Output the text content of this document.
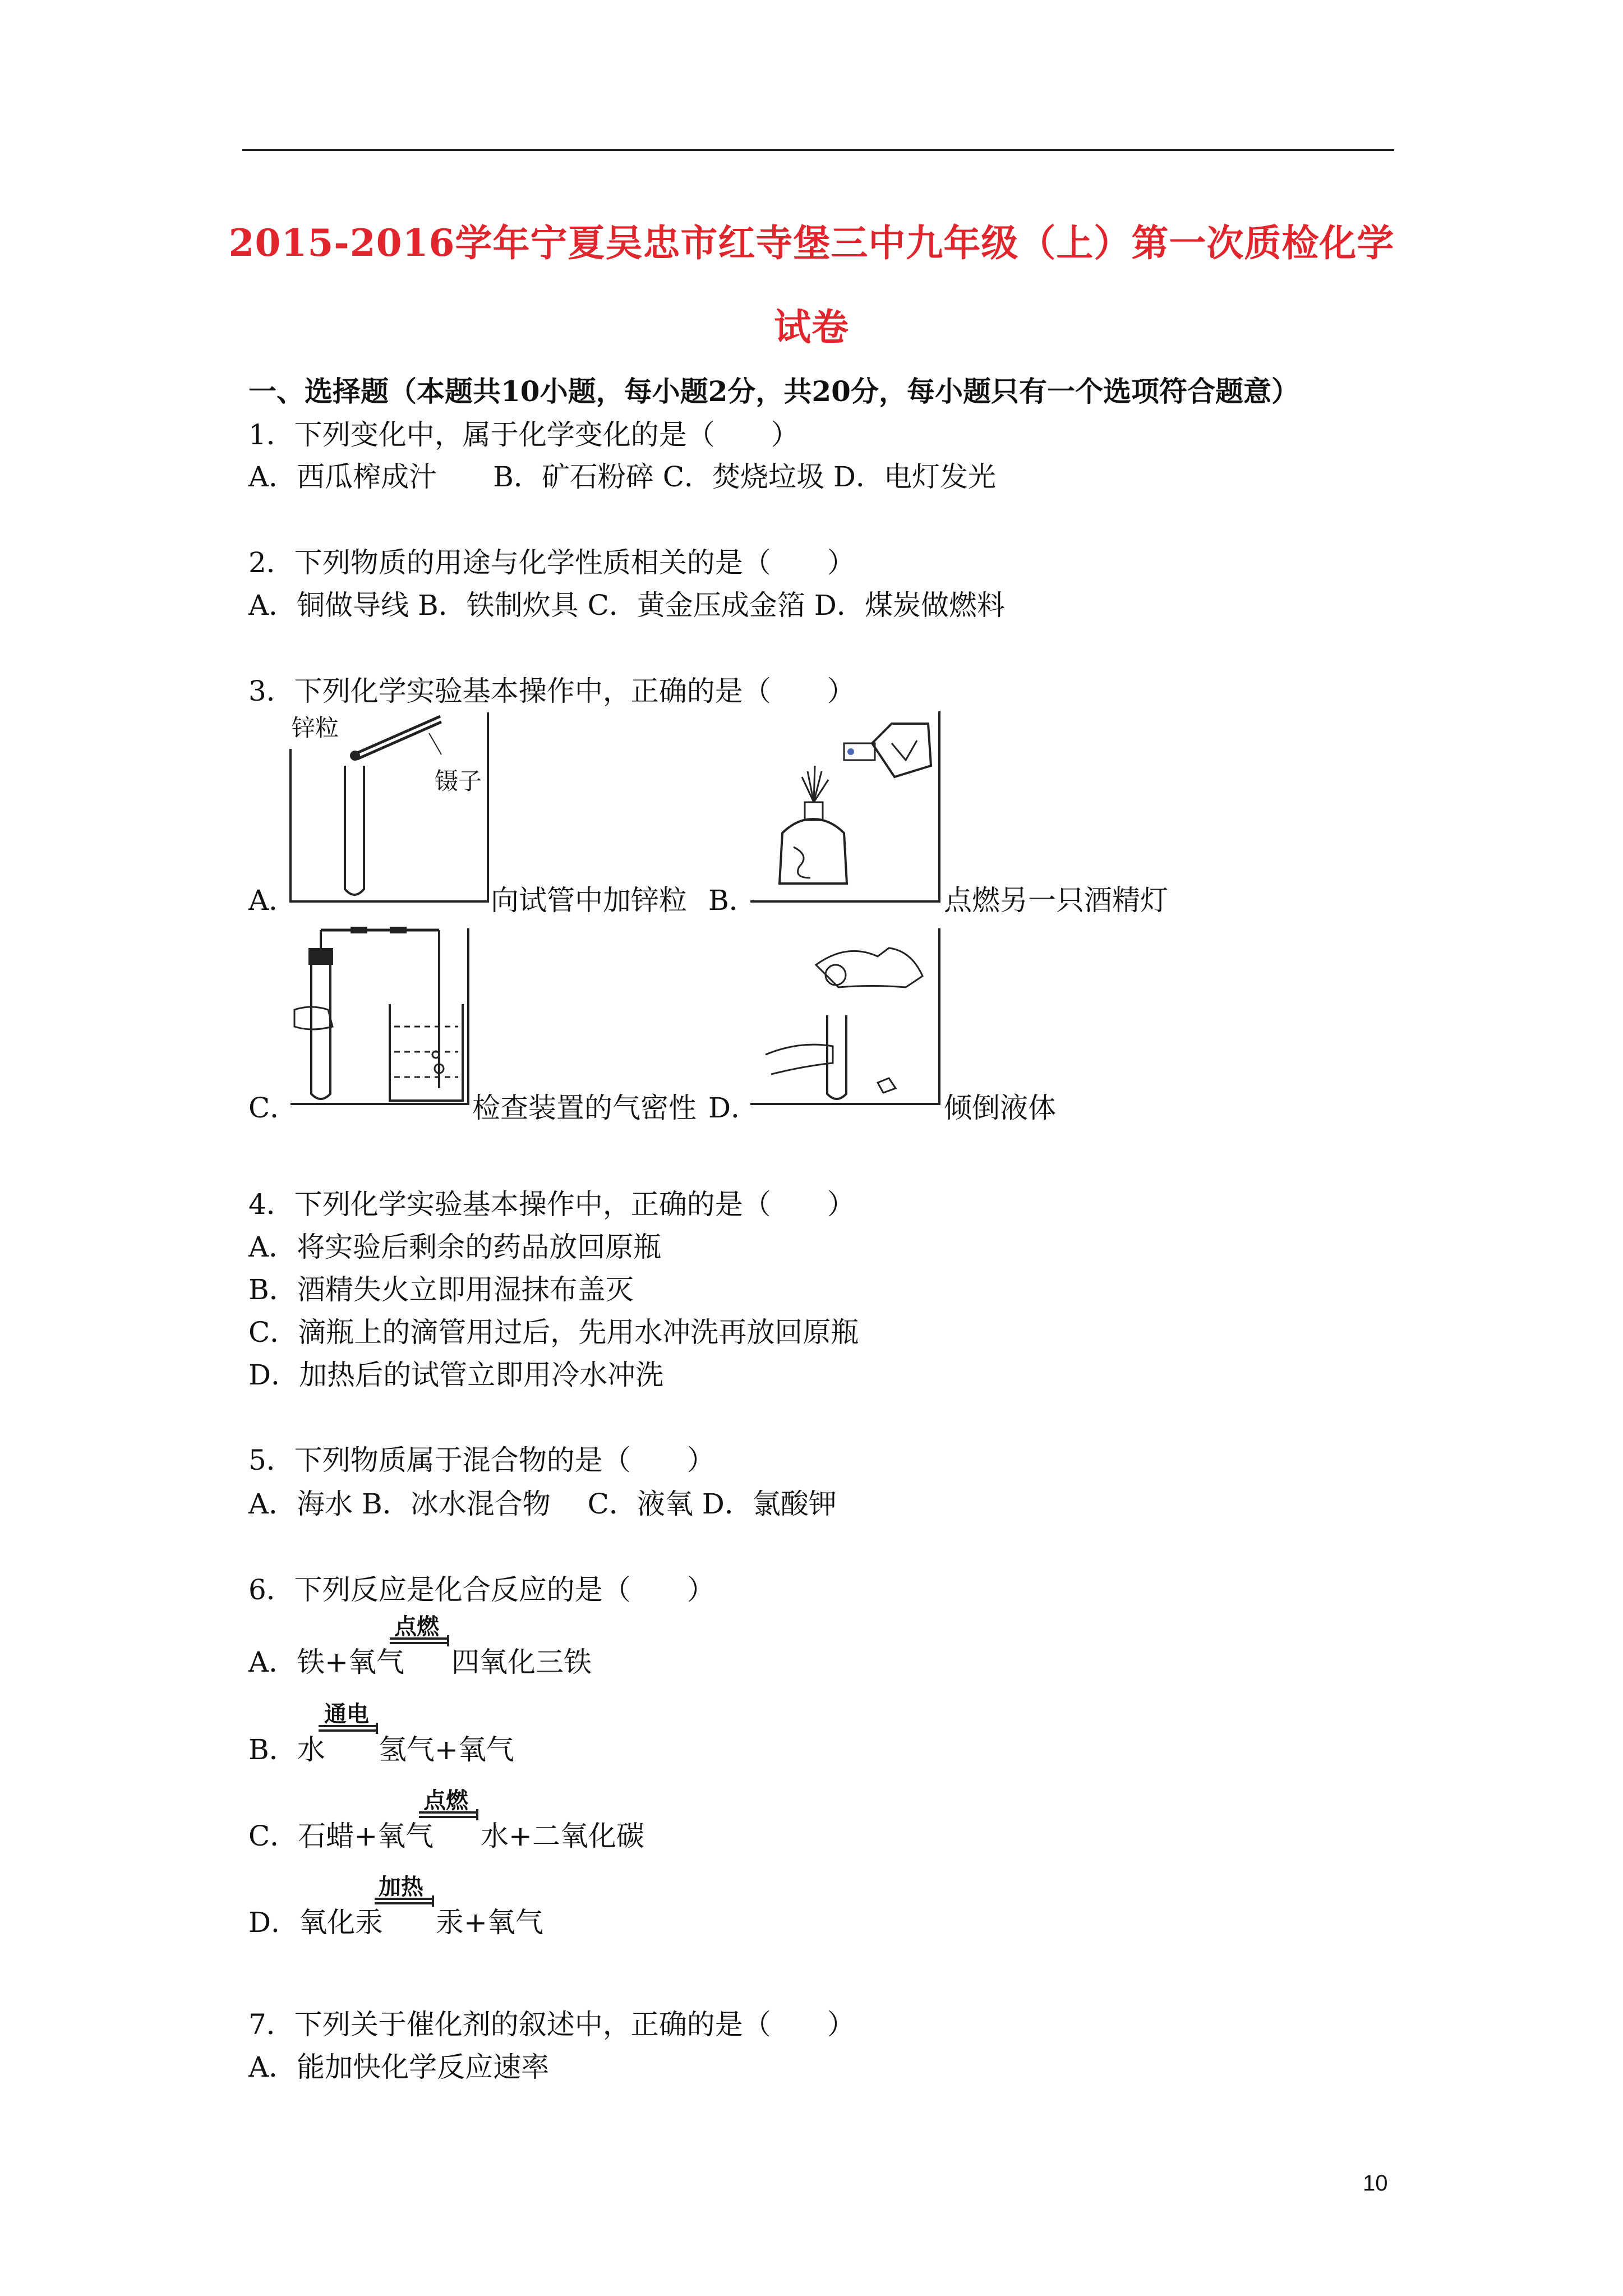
2015-2016学年宁夏吴忠市红寺堡三中九年级（上）第一次质检化学
试卷
一、选择题（本题共10小题，每小题2分，共20分，每小题只有一个选项符合题意）
1．下列变化中，属于化学变化的是（　　）
A．西瓜榨成汁　　B．矿石粉碎 C．焚烧垃圾 D．电灯发光
2．下列物质的用途与化学性质相关的是（　　）
A．铜做导线 B．铁制炊具 C．黄金压成金箔 D．煤炭做燃料
3．下列化学实验基本操作中，正确的是（　　）
锌粒
镊子
A．	向试管中加锌粒 B．	点燃另一只酒精灯
C．	检查装置的气密性 D．	倾倒液体
4．下列化学实验基本操作中，正确的是（　　）
A．将实验后剩余的药品放回原瓶
B．酒精失火立即用湿抹布盖灭
C．滴瓶上的滴管用过后，先用水冲洗再放回原瓶
D．加热后的试管立即用冷水冲洗
5．下列物质属于混合物的是（　　）
A．海水 B．冰水混合物　 C．液氧 D．氯酸钾
6．下列反应是化合反应的是（　　）
A．铁+氧气
点燃
四氧化三铁
B．水
通电
氢气+氧气
C．石蜡+氧气
点燃
水+二氧化碳
D．氧化汞
加热
汞+氧气
7．下列关于催化剂的叙述中，正确的是（　　）
A．能加快化学反应速率
10
